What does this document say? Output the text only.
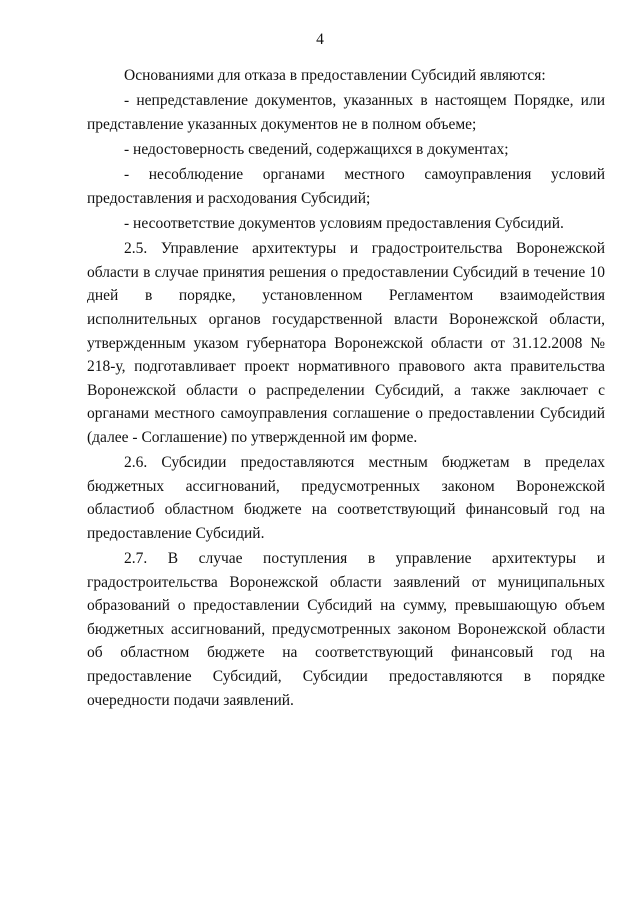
4

Основаниями для отказа в предоставлении Субсидий являются:

- непредставление документов, указанных в настоящем Порядке, или представление указанных документов не в полном объеме;

- недостоверность сведений, содержащихся в документах;

- несоблюдение органами местного самоуправления условий предоставления и расходования Субсидий;

- несоответствие документов условиям предоставления Субсидий.

2.5. Управление архитектуры и градостроительства Воронежской области в случае принятия решения о предоставлении Субсидий в течение 10 дней в порядке, установленном Регламентом взаимодействия исполнительных органов государственной власти Воронежской области, утвержденным указом губернатора Воронежской области от 31.12.2008 № 218-у, подготавливает проект нормативного правового акта правительства Воронежской области о распределении Субсидий, а также заключает с органами местного самоуправления соглашение о предоставлении Субсидий (далее - Соглашение) по утвержденной им форме.

2.6. Субсидии предоставляются местным бюджетам в пределах бюджетных ассигнований, предусмотренных законом Воронежской областиоб областном бюджете на соответствующий финансовый год на предоставление Субсидий.

2.7. В случае поступления в управление архитектуры и градостроительства Воронежской области заявлений от муниципальных образований о предоставлении Субсидий на сумму, превышающую объем бюджетных ассигнований, предусмотренных законом Воронежской области об областном бюджете на соответствующий финансовый год на предоставление Субсидий, Субсидии предоставляются в порядке очередности подачи заявлений.
